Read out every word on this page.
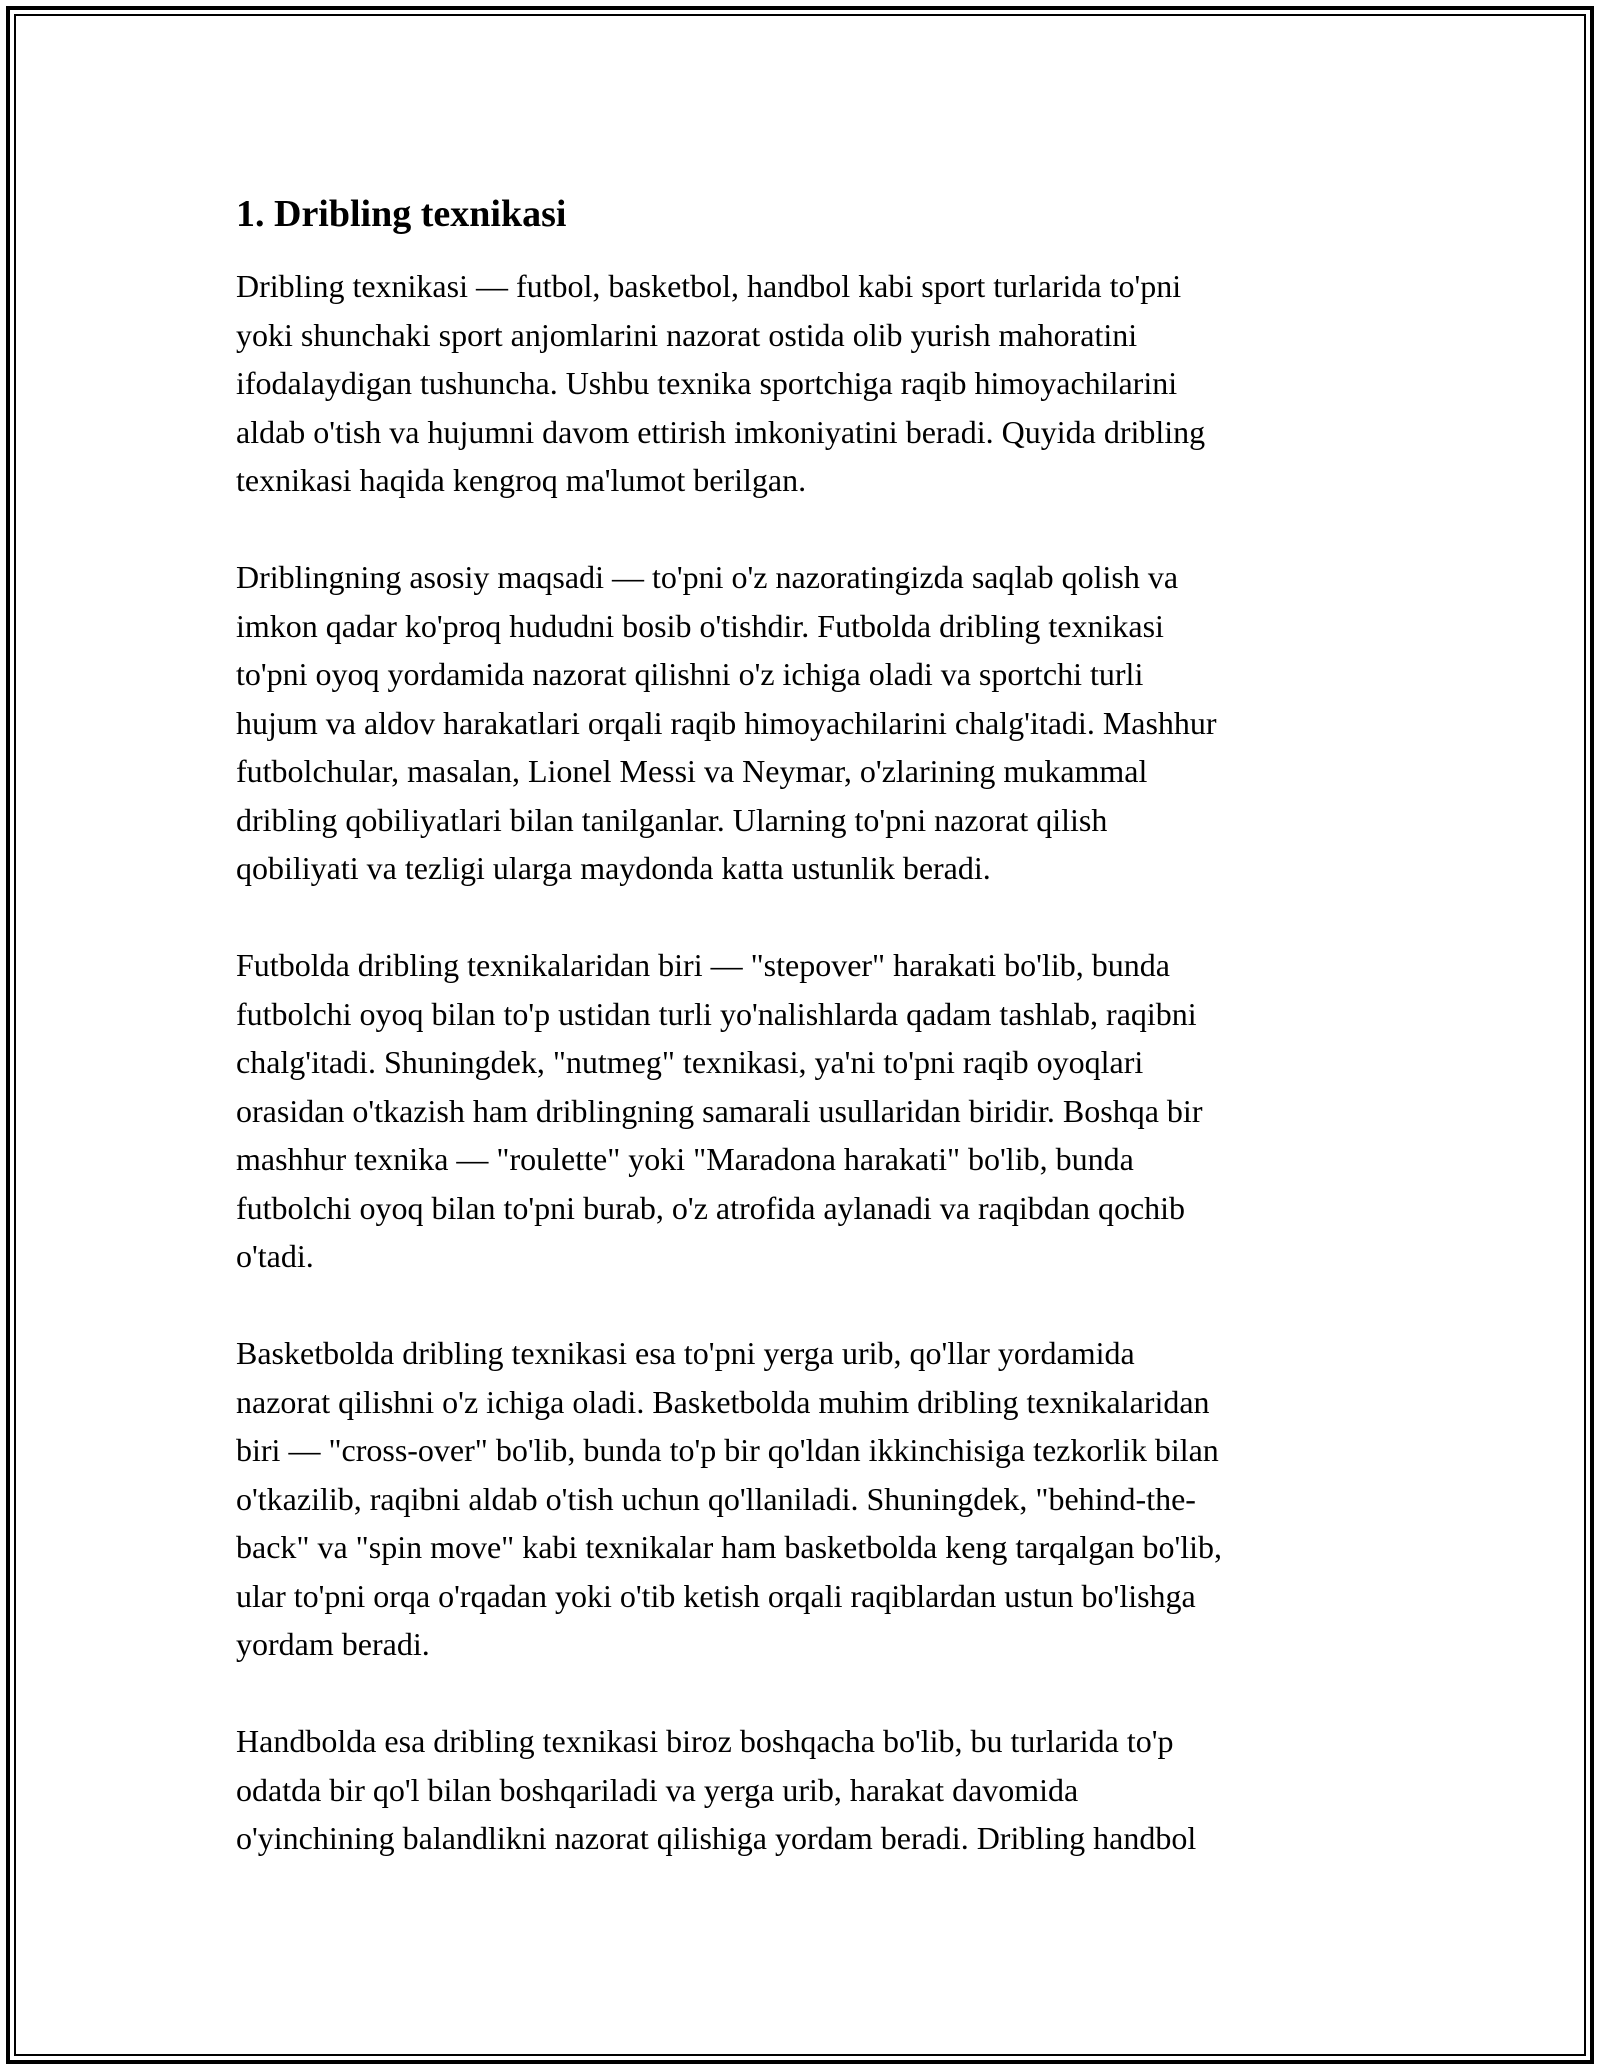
1. Dribling texnikasi

Dribling texnikasi — futbol, basketbol, handbol kabi sport turlarida to'pni
yoki shunchaki sport anjomlarini nazorat ostida olib yurish mahoratini
ifodalaydigan tushuncha. Ushbu texnika sportchiga raqib himoyachilarini
aldab o'tish va hujumni davom ettirish imkoniyatini beradi. Quyida dribling
texnikasi haqida kengroq ma'lumot berilgan.

Driblingning asosiy maqsadi — to'pni o'z nazoratingizda saqlab qolish va
imkon qadar ko'proq hududni bosib o'tishdir. Futbolda dribling texnikasi
to'pni oyoq yordamida nazorat qilishni o'z ichiga oladi va sportchi turli
hujum va aldov harakatlari orqali raqib himoyachilarini chalg'itadi. Mashhur
futbolchular, masalan, Lionel Messi va Neymar, o'zlarining mukammal
dribling qobiliyatlari bilan tanilganlar. Ularning to'pni nazorat qilish
qobiliyati va tezligi ularga maydonda katta ustunlik beradi.

Futbolda dribling texnikalaridan biri — "stepover" harakati bo'lib, bunda
futbolchi oyoq bilan to'p ustidan turli yo'nalishlarda qadam tashlab, raqibni
chalg'itadi. Shuningdek, "nutmeg" texnikasi, ya'ni to'pni raqib oyoqlari
orasidan o'tkazish ham driblingning samarali usullaridan biridir. Boshqa bir
mashhur texnika — "roulette" yoki "Maradona harakati" bo'lib, bunda
futbolchi oyoq bilan to'pni burab, o'z atrofida aylanadi va raqibdan qochib
o'tadi.

Basketbolda dribling texnikasi esa to'pni yerga urib, qo'llar yordamida
nazorat qilishni o'z ichiga oladi. Basketbolda muhim dribling texnikalaridan
biri — "cross-over" bo'lib, bunda to'p bir qo'ldan ikkinchisiga tezkorlik bilan
o'tkazilib, raqibni aldab o'tish uchun qo'llaniladi. Shuningdek, "behind-the-
back" va "spin move" kabi texnikalar ham basketbolda keng tarqalgan bo'lib,
ular to'pni orqa o'rqadan yoki o'tib ketish orqali raqiblardan ustun bo'lishga
yordam beradi.

Handbolda esa dribling texnikasi biroz boshqacha bo'lib, bu turlarida to'p
odatda bir qo'l bilan boshqariladi va yerga urib, harakat davomida
o'yinchining balandlikni nazorat qilishiga yordam beradi. Dribling handbol
